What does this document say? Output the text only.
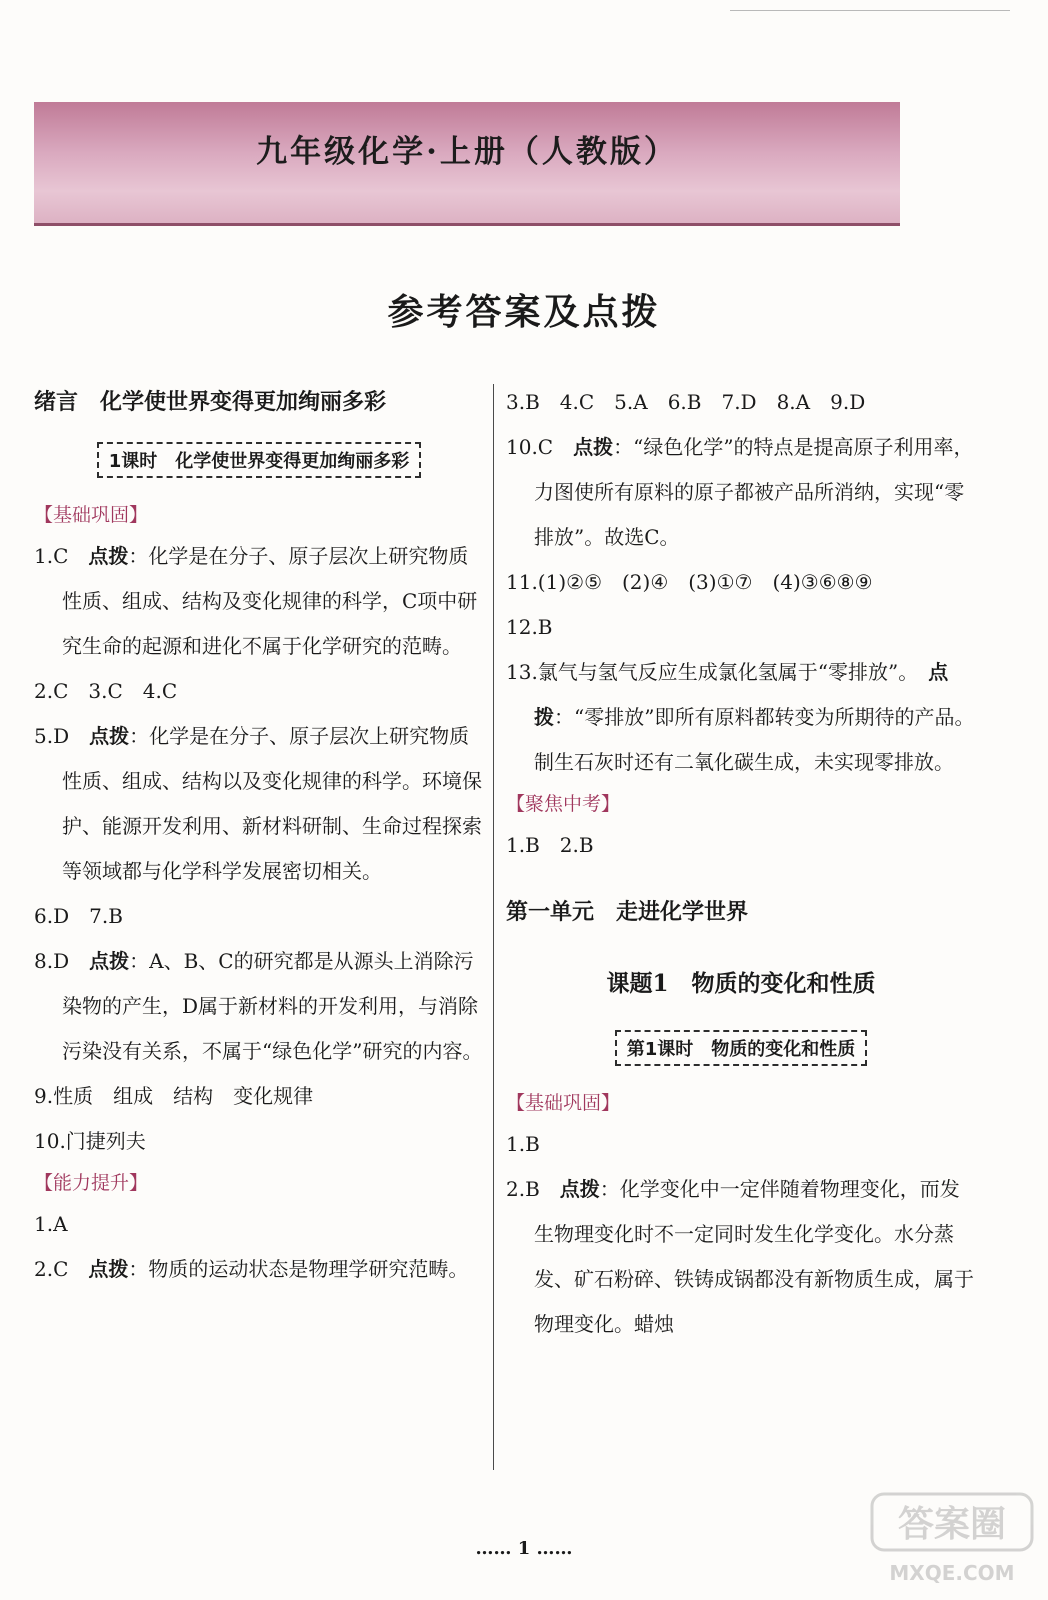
九年级化学·上册（人教版）
参考答案及点拨
绪言　化学使世界变得更加绚丽多彩
1课时　化学使世界变得更加绚丽多彩
【基础巩固】
1.C　点拨：化学是在分子、原子层次上研究物质性质、组成、结构及变化规律的科学，C项中研究生命的起源和进化不属于化学研究的范畴。
2.C　3.C　4.C
5.D　点拨：化学是在分子、原子层次上研究物质性质、组成、结构以及变化规律的科学。环境保护、能源开发利用、新材料研制、生命过程探索等领域都与化学科学发展密切相关。
6.D　7.B
8.D　点拨：A、B、C的研究都是从源头上消除污染物的产生，D属于新材料的开发利用，与消除污染没有关系，不属于“绿色化学”研究的内容。
9.性质　组成　结构　变化规律
10.门捷列夫
【能力提升】
1.A
2.C　点拨：物质的运动状态是物理学研究范畴。
3.B　4.C　5.A　6.B　7.D　8.A　9.D
10.C　点拨：“绿色化学”的特点是提高原子利用率，力图使所有原料的原子都被产品所消纳，实现“零排放”。故选C。
11.(1)②⑤　(2)④　(3)①⑦　(4)③⑥⑧⑨
12.B
13.氯气与氢气反应生成氯化氢属于“零排放”。　点拨：“零排放”即所有原料都转变为所期待的产品。制生石灰时还有二氧化碳生成，未实现零排放。
【聚焦中考】
1.B　2.B
第一单元　走进化学世界
课题1　物质的变化和性质
第1课时　物质的变化和性质
【基础巩固】
1.B
2.B　点拨：化学变化中一定伴随着物理变化，而发生物理变化时不一定同时发生化学变化。水分蒸发、矿石粉碎、铁铸成锅都没有新物质生成，属于物理变化。蜡烛
…… 1 ……
答案圈
MXQE.COM
